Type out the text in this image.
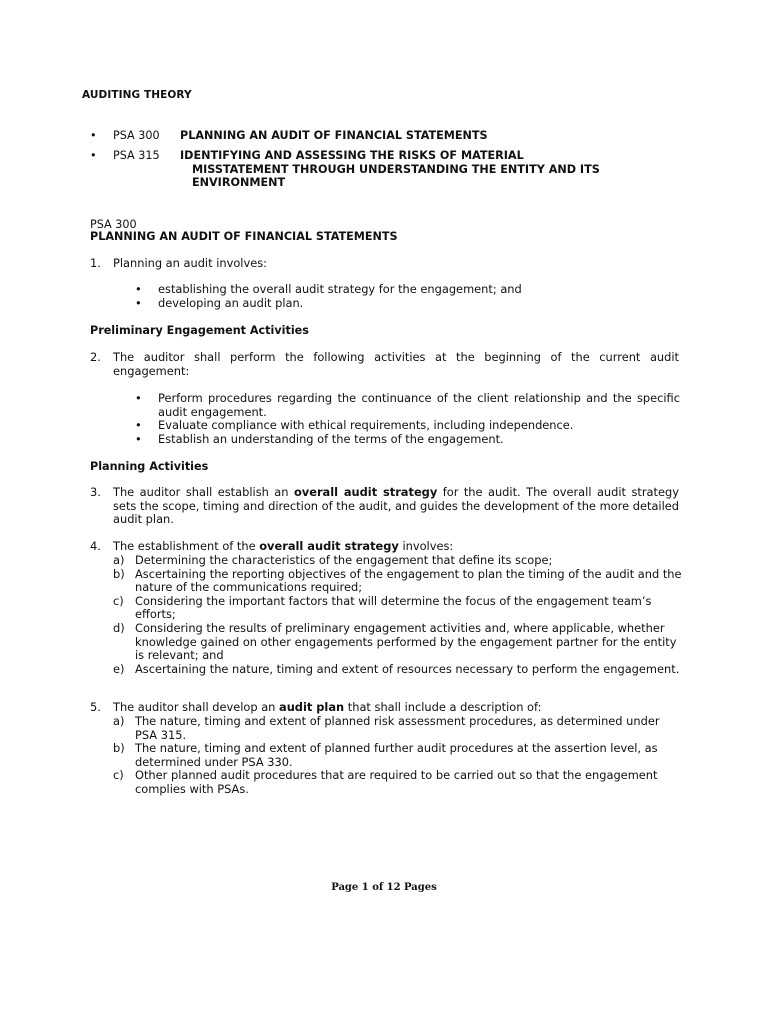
AUDITING THEORY

• PSA 300 PLANNING AN AUDIT OF FINANCIAL STATEMENTS
• PSA 315 IDENTIFYING AND ASSESSING THE RISKS OF MATERIAL
MISSTATEMENT THROUGH UNDERSTANDING THE ENTITY AND ITS ENVIRONMENT

PSA 300

PLANNING AN AUDIT OF FINANCIAL STATEMENTS

1. Planning an audit involves:
• establishing the overall audit strategy for the engagement; and
• developing an audit plan.

Preliminary Engagement Activities

2. The auditor shall perform the following activities at the beginning of the current audit engagement:
• Perform procedures regarding the continuance of the client relationship and the specific audit engagement.
• Evaluate compliance with ethical requirements, including independence.
• Establish an understanding of the terms of the engagement.

Planning Activities

3. The auditor shall establish an overall audit strategy for the audit. The overall audit strategy sets the scope, timing and direction of the audit, and guides the development of the more detailed audit plan.
4. The establishment of the overall audit strategy involves:
a) Determining the characteristics of the engagement that define its scope;
b) Ascertaining the reporting objectives of the engagement to plan the timing of the audit and the nature of the communications required;
c) Considering the important factors that will determine the focus of the engagement team’s efforts;
d) Considering the results of preliminary engagement activities and, where applicable, whether knowledge gained on other engagements performed by the engagement partner for the entity is relevant; and
e) Ascertaining the nature, timing and extent of resources necessary to perform the engagement.
5. The auditor shall develop an audit plan that shall include a description of:
a) The nature, timing and extent of planned risk assessment procedures, as determined under PSA 315.
b) The nature, timing and extent of planned further audit procedures at the assertion level, as determined under PSA 330.
c) Other planned audit procedures that are required to be carried out so that the engagement complies with PSAs.

Page 1 of 12 Pages
